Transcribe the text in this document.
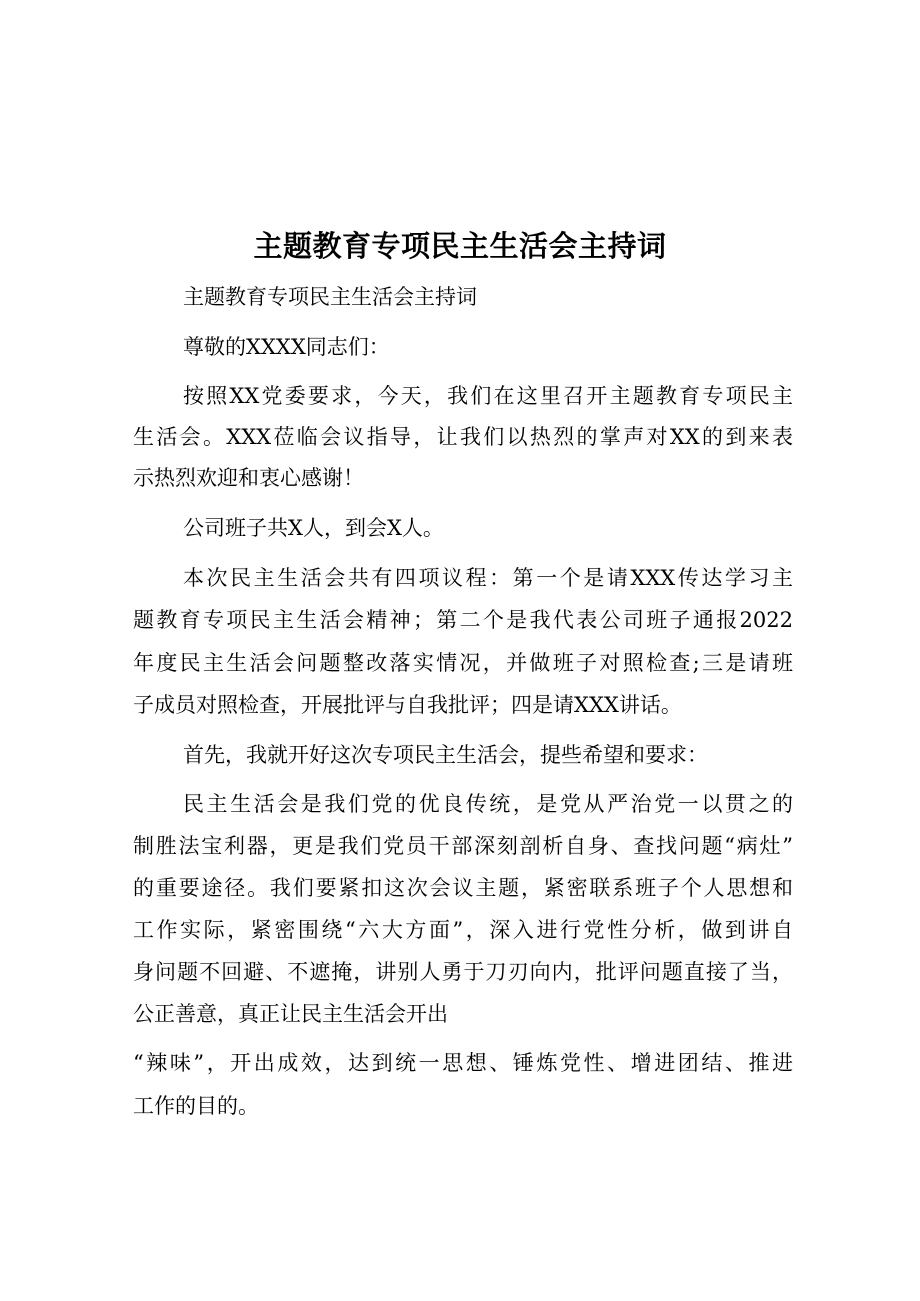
主题教育专项民主生活会主持词
主题教育专项民主生活会主持词
尊敬的XXXX同志们：
按照XX党委要求，今天，我们在这里召开主题教育专项民主
生活会。XXX莅临会议指导，让我们以热烈的掌声对XX的到来表
示热烈欢迎和衷心感谢！
公司班子共X人，到会X人。
本次民主生活会共有四项议程：第一个是请XXX传达学习主
题教育专项民主生活会精神；第二个是我代表公司班子通报2022
年度民主生活会问题整改落实情况，并做班子对照检查;三是请班
子成员对照检查，开展批评与自我批评；四是请XXX讲话。
首先，我就开好这次专项民主生活会，提些希望和要求：
民主生活会是我们党的优良传统，是党从严治党一以贯之的
制胜法宝利器，更是我们党员干部深刻剖析自身、查找问题“病灶”
的重要途径。我们要紧扣这次会议主题，紧密联系班子个人思想和
工作实际，紧密围绕“六大方面”，深入进行党性分析，做到讲自
身问题不回避、不遮掩，讲别人勇于刀刃向内，批评问题直接了当，
公正善意，真正让民主生活会开出
“辣味”，开出成效，达到统一思想、锤炼党性、增进团结、推进
工作的目的。
